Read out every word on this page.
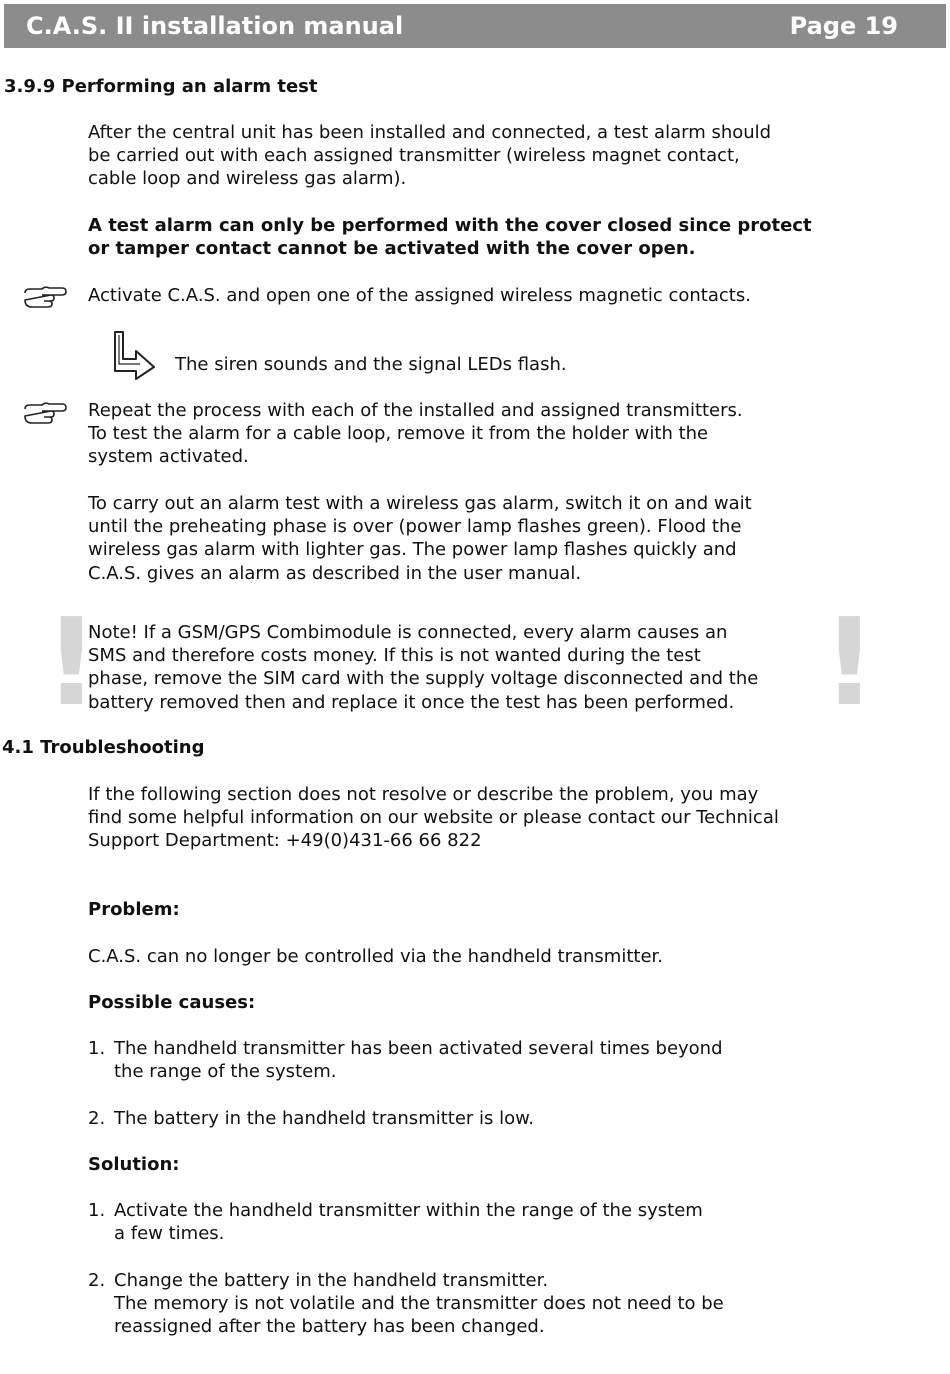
C.A.S. II installation manual	Page 19
3.9.9 Performing an alarm test
After the central unit has been installed and connected, a test alarm should
be carried out with each assigned transmitter (wireless magnet contact,
cable loop and wireless gas alarm).
A test alarm can only be performed with the cover closed since protect
or tamper contact cannot be activated with the cover open.
Activate C.A.S. and open one of the assigned wireless magnetic contacts.
The siren sounds and the signal LEDs flash.
Repeat the process with each of the installed and assigned transmitters.
To test the alarm for a cable loop, remove it from the holder with the
system activated.
To carry out an alarm test with a wireless gas alarm, switch it on and wait
until the preheating phase is over (power lamp flashes green). Flood the
wireless gas alarm with lighter gas. The power lamp flashes quickly and
C.A.S. gives an alarm as described in the user manual.
!	!
Note! If a GSM/GPS Combimodule is connected, every alarm causes an
SMS and therefore costs money. If this is not wanted during the test
phase, remove the SIM card with the supply voltage disconnected and the
battery removed then and replace it once the test has been performed.
4.1 Troubleshooting
If the following section does not resolve or describe the problem, you may
find some helpful information on our website or please contact our Technical
Support Department: +49(0)431-66 66 822
Problem:
C.A.S. can no longer be controlled via the handheld transmitter.
Possible causes:
1. The handheld transmitter has been activated several times beyond
the range of the system.
2. The battery in the handheld transmitter is low.
Solution:
1. Activate the handheld transmitter within the range of the system
a few times.
2. Change the battery in the handheld transmitter.
The memory is not volatile and the transmitter does not need to be
reassigned after the battery has been changed.
